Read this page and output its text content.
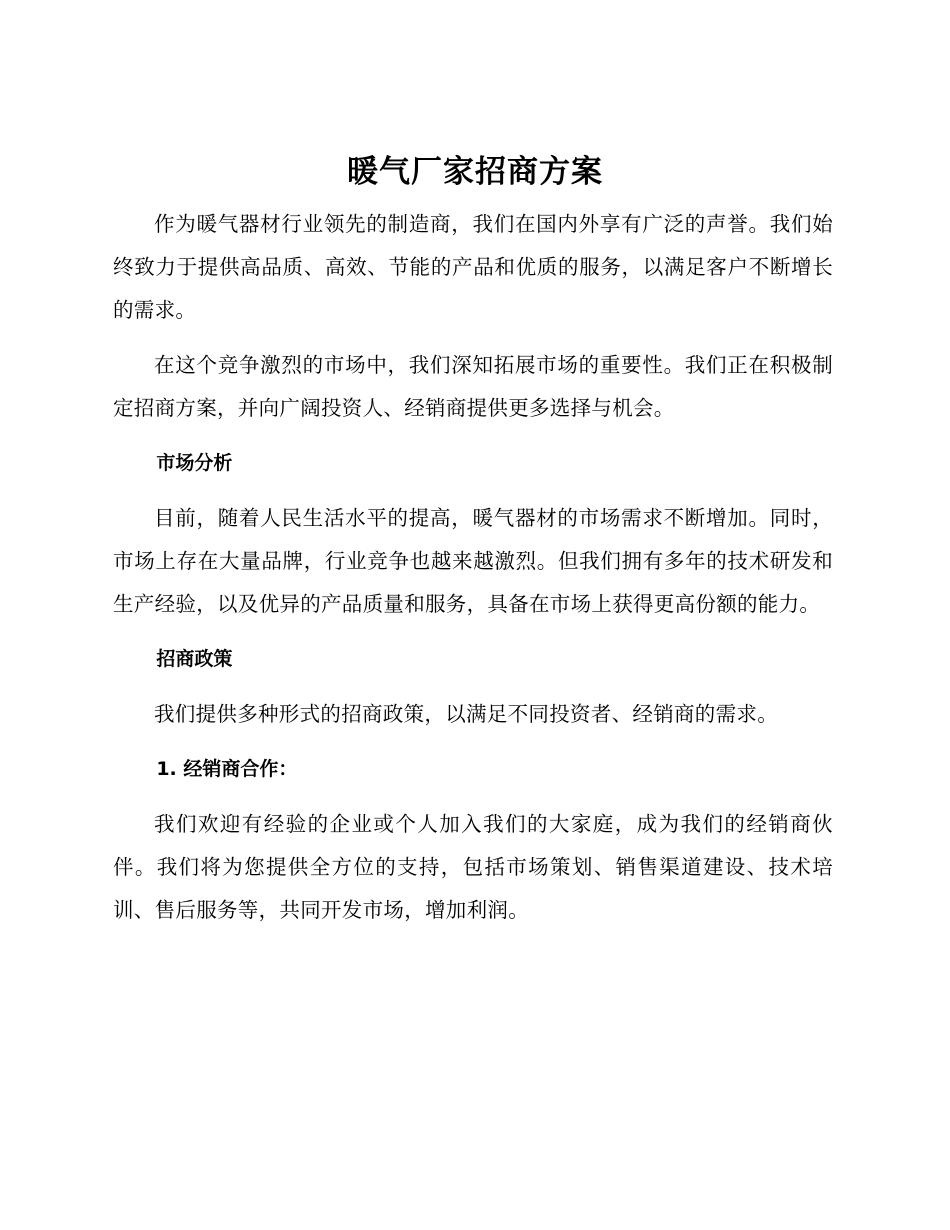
暖气厂家招商方案

作为暖气器材行业领先的制造商，我们在国内外享有广泛的声誉。我们始终致力于提供高品质、高效、节能的产品和优质的服务，以满足客户不断增长的需求。

在这个竞争激烈的市场中，我们深知拓展市场的重要性。我们正在积极制定招商方案，并向广阔投资人、经销商提供更多选择与机会。

市场分析

目前，随着人民生活水平的提高，暖气器材的市场需求不断增加。同时，市场上存在大量品牌，行业竞争也越来越激烈。但我们拥有多年的技术研发和生产经验，以及优异的产品质量和服务，具备在市场上获得更高份额的能力。

招商政策

我们提供多种形式的招商政策，以满足不同投资者、经销商的需求。

1. 经销商合作：

我们欢迎有经验的企业或个人加入我们的大家庭，成为我们的经销商伙伴。我们将为您提供全方位的支持，包括市场策划、销售渠道建设、技术培训、售后服务等，共同开发市场，增加利润。
